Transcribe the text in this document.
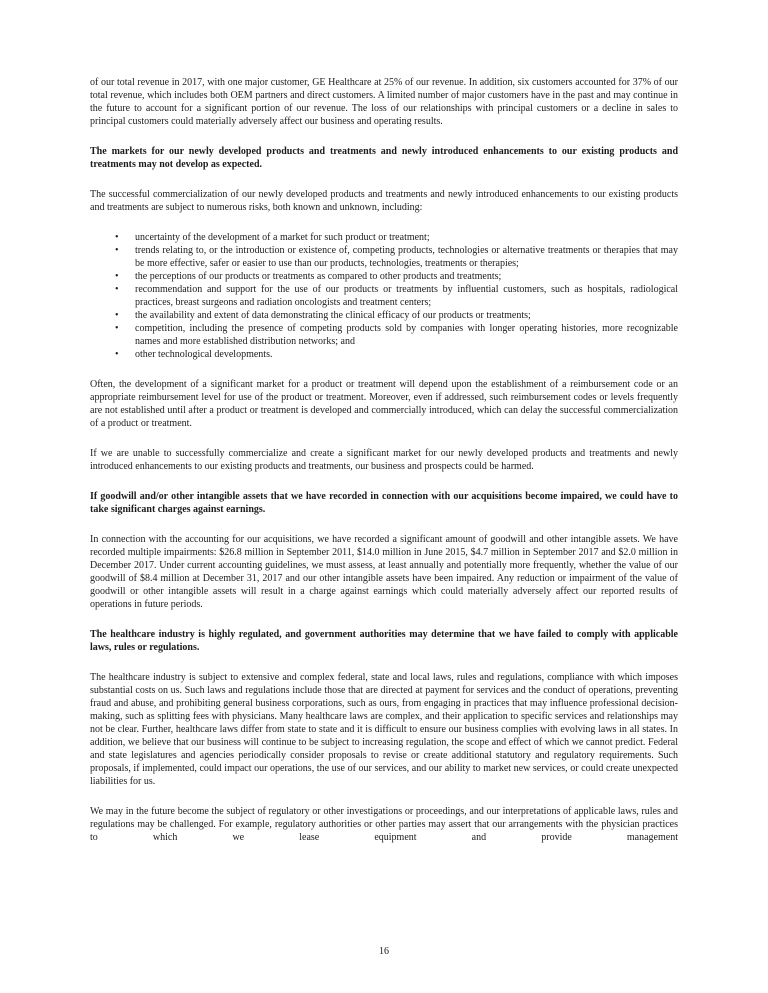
of our total revenue in 2017, with one major customer, GE Healthcare at 25% of our revenue. In addition, six customers accounted for 37% of our total revenue, which includes both OEM partners and direct customers. A limited number of major customers have in the past and may continue in the future to account for a significant portion of our revenue. The loss of our relationships with principal customers or a decline in sales to principal customers could materially adversely affect our business and operating results.

The markets for our newly developed products and treatments and newly introduced enhancements to our existing products and treatments may not develop as expected.

The successful commercialization of our newly developed products and treatments and newly introduced enhancements to our existing products and treatments are subject to numerous risks, both known and unknown, including:

• uncertainty of the development of a market for such product or treatment;
• trends relating to, or the introduction or existence of, competing products, technologies or alternative treatments or therapies that may be more effective, safer or easier to use than our products, technologies, treatments or therapies;
• the perceptions of our products or treatments as compared to other products and treatments;
• recommendation and support for the use of our products or treatments by influential customers, such as hospitals, radiological practices, breast surgeons and radiation oncologists and treatment centers;
• the availability and extent of data demonstrating the clinical efficacy of our products or treatments;
• competition, including the presence of competing products sold by companies with longer operating histories, more recognizable names and more established distribution networks; and
• other technological developments.

Often, the development of a significant market for a product or treatment will depend upon the establishment of a reimbursement code or an appropriate reimbursement level for use of the product or treatment. Moreover, even if addressed, such reimbursement codes or levels frequently are not established until after a product or treatment is developed and commercially introduced, which can delay the successful commercialization of a product or treatment.

If we are unable to successfully commercialize and create a significant market for our newly developed products and treatments and newly introduced enhancements to our existing products and treatments, our business and prospects could be harmed.

If goodwill and/or other intangible assets that we have recorded in connection with our acquisitions become impaired, we could have to take significant charges against earnings.

In connection with the accounting for our acquisitions, we have recorded a significant amount of goodwill and other intangible assets. We have recorded multiple impairments: $26.8 million in September 2011, $14.0 million in June 2015, $4.7 million in September 2017 and $2.0 million in December 2017. Under current accounting guidelines, we must assess, at least annually and potentially more frequently, whether the value of our goodwill of $8.4 million at December 31, 2017 and our other intangible assets have been impaired. Any reduction or impairment of the value of goodwill or other intangible assets will result in a charge against earnings which could materially adversely affect our reported results of operations in future periods.

The healthcare industry is highly regulated, and government authorities may determine that we have failed to comply with applicable laws, rules or regulations.

The healthcare industry is subject to extensive and complex federal, state and local laws, rules and regulations, compliance with which imposes substantial costs on us. Such laws and regulations include those that are directed at payment for services and the conduct of operations, preventing fraud and abuse, and prohibiting general business corporations, such as ours, from engaging in practices that may influence professional decision-making, such as splitting fees with physicians. Many healthcare laws are complex, and their application to specific services and relationships may not be clear. Further, healthcare laws differ from state to state and it is difficult to ensure our business complies with evolving laws in all states. In addition, we believe that our business will continue to be subject to increasing regulation, the scope and effect of which we cannot predict. Federal and state legislatures and agencies periodically consider proposals to revise or create additional statutory and regulatory requirements. Such proposals, if implemented, could impact our operations, the use of our services, and our ability to market new services, or could create unexpected liabilities for us.

We may in the future become the subject of regulatory or other investigations or proceedings, and our interpretations of applicable laws, rules and regulations may be challenged. For example, regulatory authorities or other parties may assert that our arrangements with the physician practices to which we lease equipment and provide management

16
